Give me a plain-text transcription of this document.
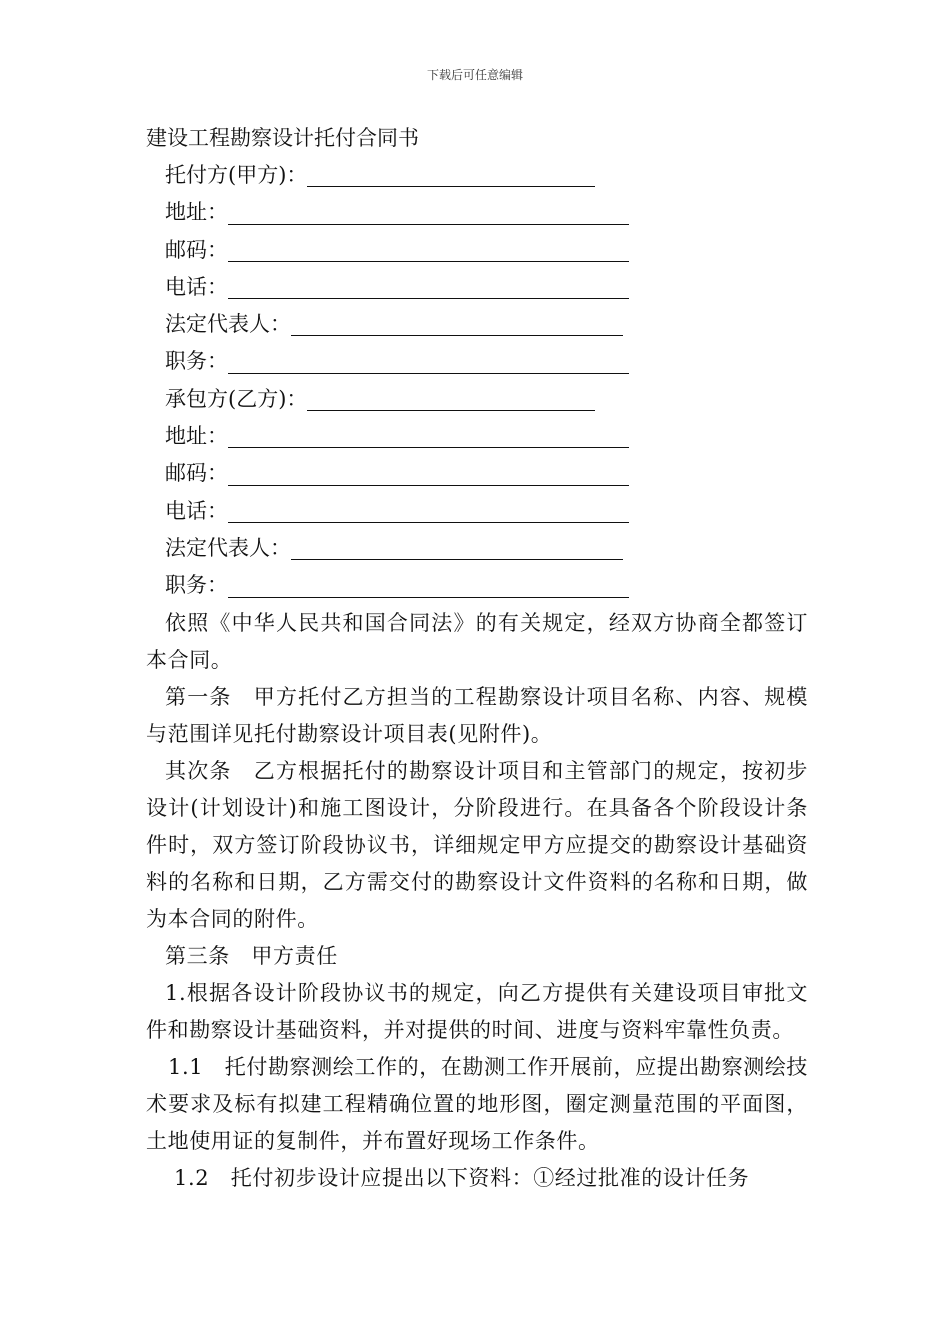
下载后可任意编辑
建设工程勘察设计托付合同书
托付方(甲方)：
地址：
邮码：
电话：
法定代表人：
职务：
承包方(乙方)：
地址：
邮码：
电话：
法定代表人：
职务：

依照《中华人民共和国合同法》的有关规定，经双方协商全都签订本合同。

第一条　甲方托付乙方担当的工程勘察设计项目名称、内容、规模与范围详见托付勘察设计项目表(见附件)。

其次条　乙方根据托付的勘察设计项目和主管部门的规定，按初步设计(计划设计)和施工图设计，分阶段进行。在具备各个阶段设计条件时，双方签订阶段协议书，详细规定甲方应提交的勘察设计基础资料的名称和日期，乙方需交付的勘察设计文件资料的名称和日期，做为本合同的附件。

第三条　甲方责任

1.根据各设计阶段协议书的规定，向乙方提供有关建设项目审批文件和勘察设计基础资料，并对提供的时间、进度与资料牢靠性负责。

1.1　托付勘察测绘工作的，在勘测工作开展前，应提出勘察测绘技术要求及标有拟建工程精确位置的地形图，圈定测量范围的平面图，土地使用证的复制件，并布置好现场工作条件。

1.2　托付初步设计应提出以下资料：①经过批准的设计任务
